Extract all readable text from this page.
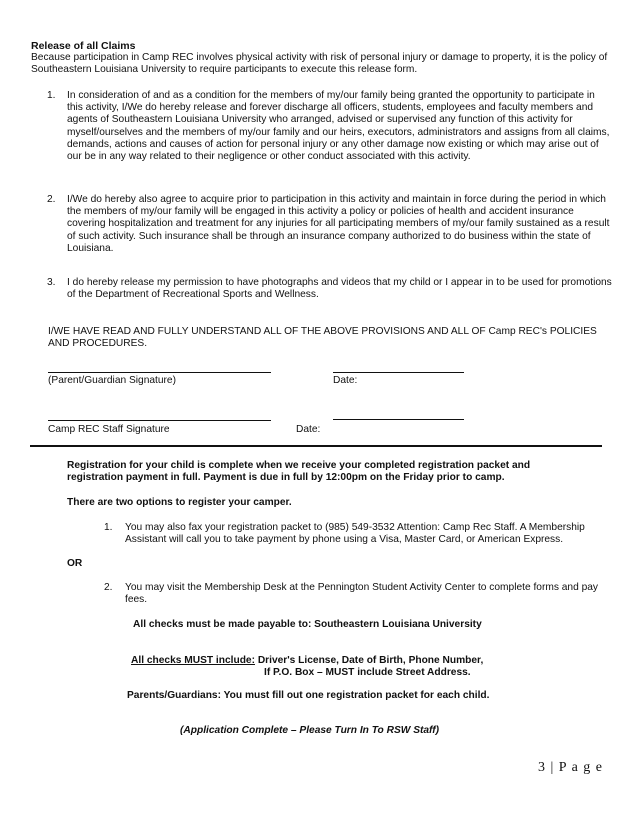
Release of all Claims
Because participation in Camp REC involves physical activity with risk of personal injury or damage to property, it is the policy of Southeastern Louisiana University to require participants to execute this release form.
1.	In consideration of and as a condition for the members of my/our family being granted the opportunity to participate in this activity, I/We do hereby release and forever discharge all officers, students, employees and faculty members and agents of Southeastern Louisiana University who arranged, advised or supervised any function of this activity for myself/ourselves and the members of my/our family and our heirs, executors, administrators and assigns from all claims, demands, actions and causes of action for personal injury or any other damage now existing or which may arise out of our be in any way related to their negligence or other conduct associated with this activity.
2.	I/We do hereby also agree to acquire prior to participation in this activity and maintain in force during the period in which the members of my/our family will be engaged in this activity a policy or policies of health and accident insurance covering hospitalization and treatment for any injuries for all participating members of my/our family sustained as a result of such activity. Such insurance shall be through an insurance company authorized to do business within the state of Louisiana.
3.	I do hereby release my permission to have photographs and videos that my child or I appear in to be used for promotions of the Department of Recreational Sports and Wellness.
I/WE HAVE READ AND FULLY UNDERSTAND ALL OF THE ABOVE PROVISIONS AND ALL OF Camp REC's POLICIES AND PROCEDURES.
(Parent/Guardian Signature)	Date:
Camp REC Staff Signature	Date:
Registration for your child is complete when we receive your completed registration packet and registration payment in full. Payment is due in full by 12:00pm on the Friday prior to camp.
There are two options to register your camper.
1. You may also fax your registration packet to (985) 549-3532 Attention: Camp Rec Staff. A Membership Assistant will call you to take payment by phone using a Visa, Master Card, or American Express.
OR
2. You may visit the Membership Desk at the Pennington Student Activity Center to complete forms and pay fees.
All checks must be made payable to: Southeastern Louisiana University
All checks MUST include: Driver's License, Date of Birth, Phone Number,
If P.O. Box – MUST include Street Address.
Parents/Guardians: You must fill out one registration packet for each child.
(Application Complete – Please Turn In To RSW Staff)
3 | P a g e
